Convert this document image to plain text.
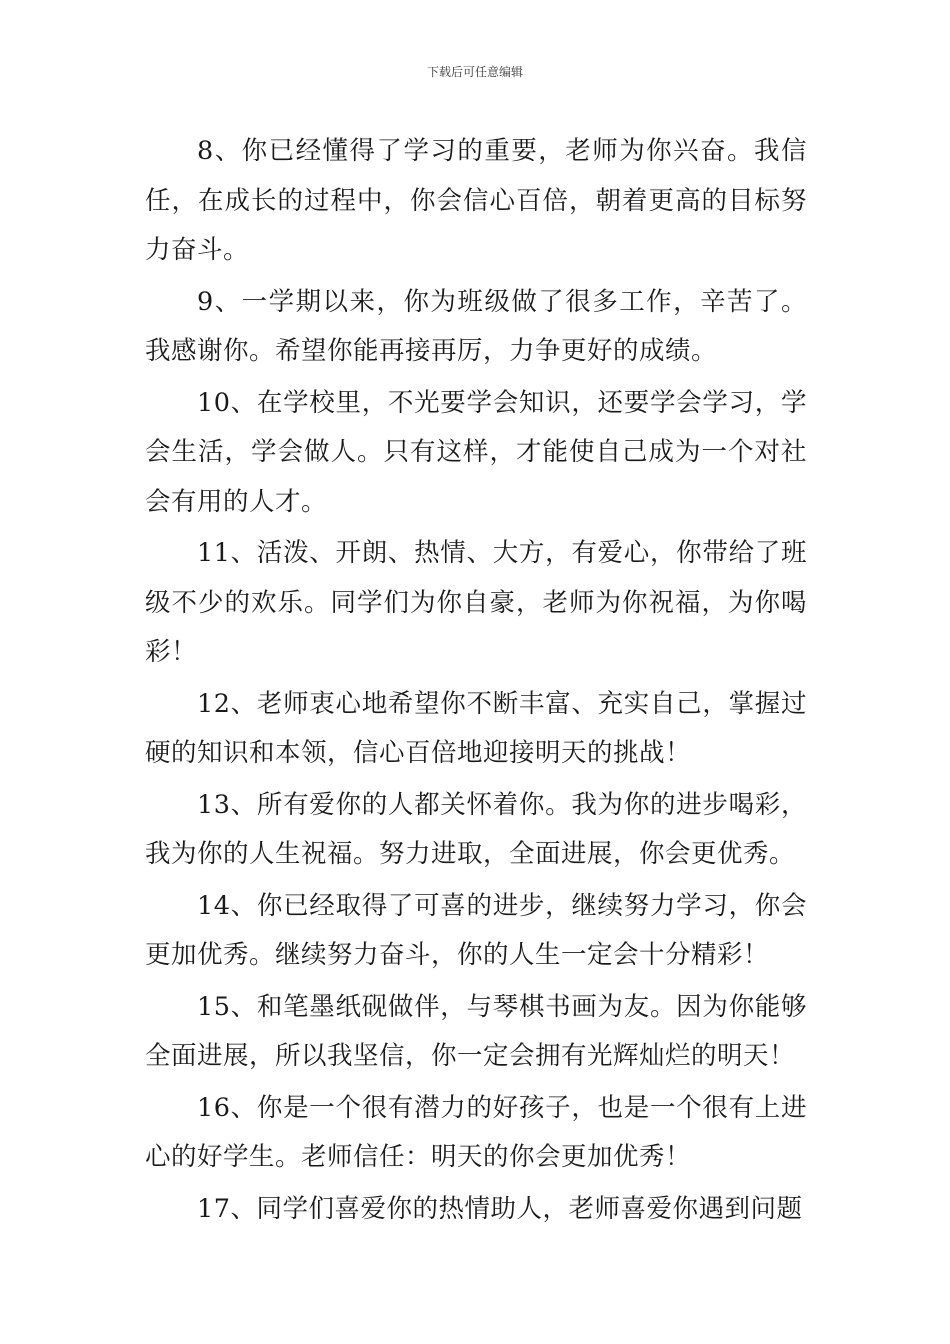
下载后可任意编辑

8、你已经懂得了学习的重要，老师为你兴奋。我信任，在成长的过程中，你会信心百倍，朝着更高的目标努力奋斗。

9、一学期以来，你为班级做了很多工作，辛苦了。我感谢你。希望你能再接再厉，力争更好的成绩。

10、在学校里，不光要学会知识，还要学会学习，学会生活，学会做人。只有这样，才能使自己成为一个对社会有用的人才。

11、活泼、开朗、热情、大方，有爱心，你带给了班级不少的欢乐。同学们为你自豪，老师为你祝福，为你喝彩！

12、老师衷心地希望你不断丰富、充实自己，掌握过硬的知识和本领，信心百倍地迎接明天的挑战！

13、所有爱你的人都关怀着你。我为你的进步喝彩，我为你的人生祝福。努力进取，全面进展，你会更优秀。

14、你已经取得了可喜的进步，继续努力学习，你会更加优秀。继续努力奋斗，你的人生一定会十分精彩！

15、和笔墨纸砚做伴，与琴棋书画为友。因为你能够全面进展，所以我坚信，你一定会拥有光辉灿烂的明天！

16、你是一个很有潜力的好孩子，也是一个很有上进心的好学生。老师信任：明天的你会更加优秀！

17、同学们喜爱你的热情助人，老师喜爱你遇到问题
